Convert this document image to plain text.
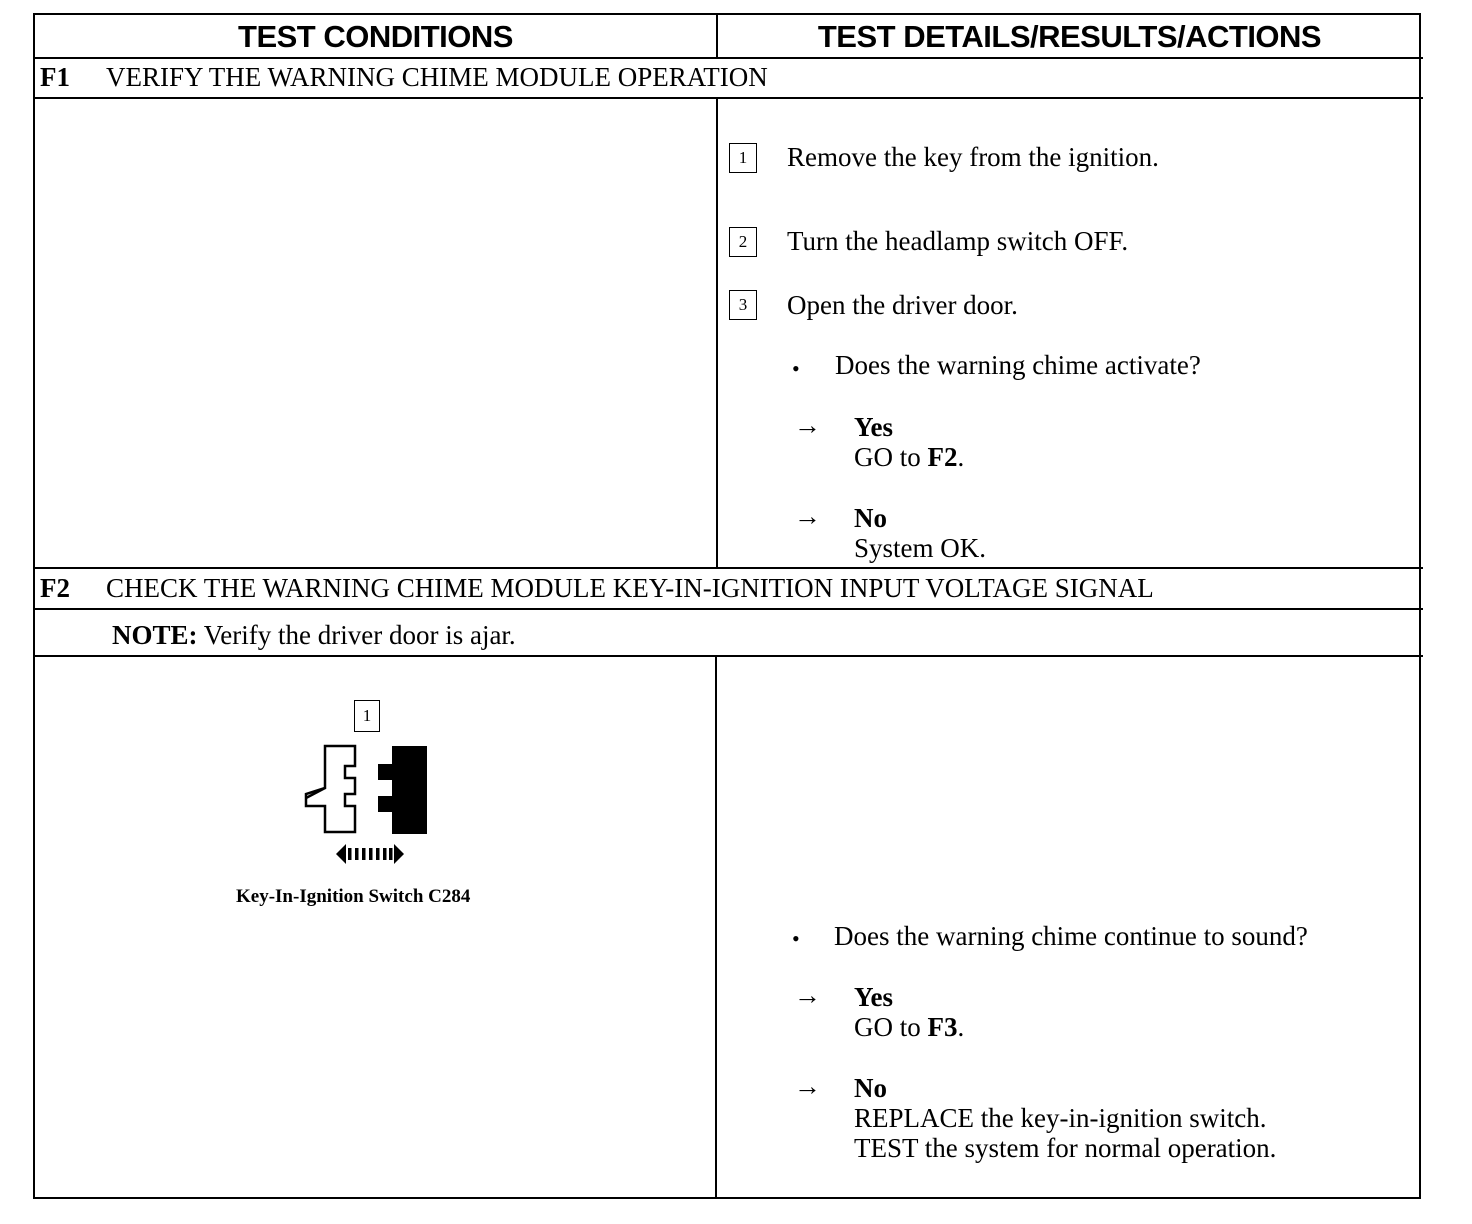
TEST CONDITIONS	TEST DETAILS/RESULTS/ACTIONS
F1 VERIFY THE WARNING CHIME MODULE OPERATION
1	Remove the key from the ignition.
2	Turn the headlamp switch OFF.
3	Open the driver door.
• Does the warning chime activate?
→ Yes
GO to F2.
→ No
System OK.
F2 CHECK THE WARNING CHIME MODULE KEY-IN-IGNITION INPUT VOLTAGE SIGNAL
NOTE: Verify the driver door is ajar.
1
Key-In-Ignition Switch C284
• Does the warning chime continue to sound?
→ Yes
GO to F3.
→ No
REPLACE the key-in-ignition switch.
TEST the system for normal operation.
